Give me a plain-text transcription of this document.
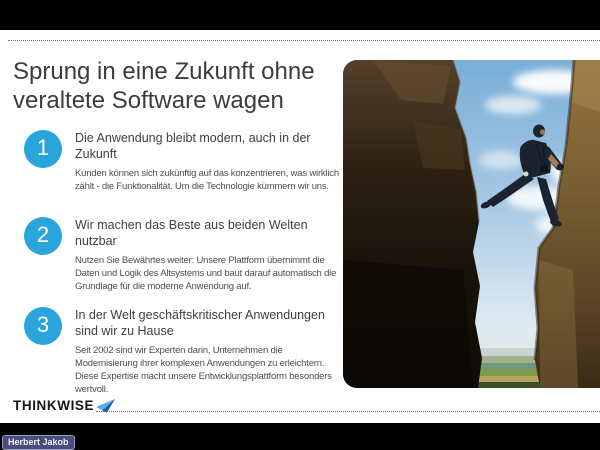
Sprung in eine Zukunft ohne veraltete Software wagen
1	Die Anwendung bleibt modern, auch in der Zukunft
Kunden können sich zukünftig auf das konzentrieren, was wirklich zählt - die Funktionalität. Um die Technologie kümmern wir uns.
2	Wir machen das Beste aus beiden Welten nutzbar
Nutzen Sie Bewährtes weiter: Unsere Plattform übernimmt die Daten und Logik des Altsystems und baut darauf automatisch die Grundlage für die moderne Anwendung auf.
3	In der Welt geschäftskritischer Anwendungen sind wir zu Hause
Seit 2002 sind wir Experten darin, Unternehmen die Modernisierung ihrer komplexen Anwendungen zu erleichtern. Diese Expertise macht unsere Entwicklungsplattform besonders wertvoll.
THINKWISE
Herbert Jakob
